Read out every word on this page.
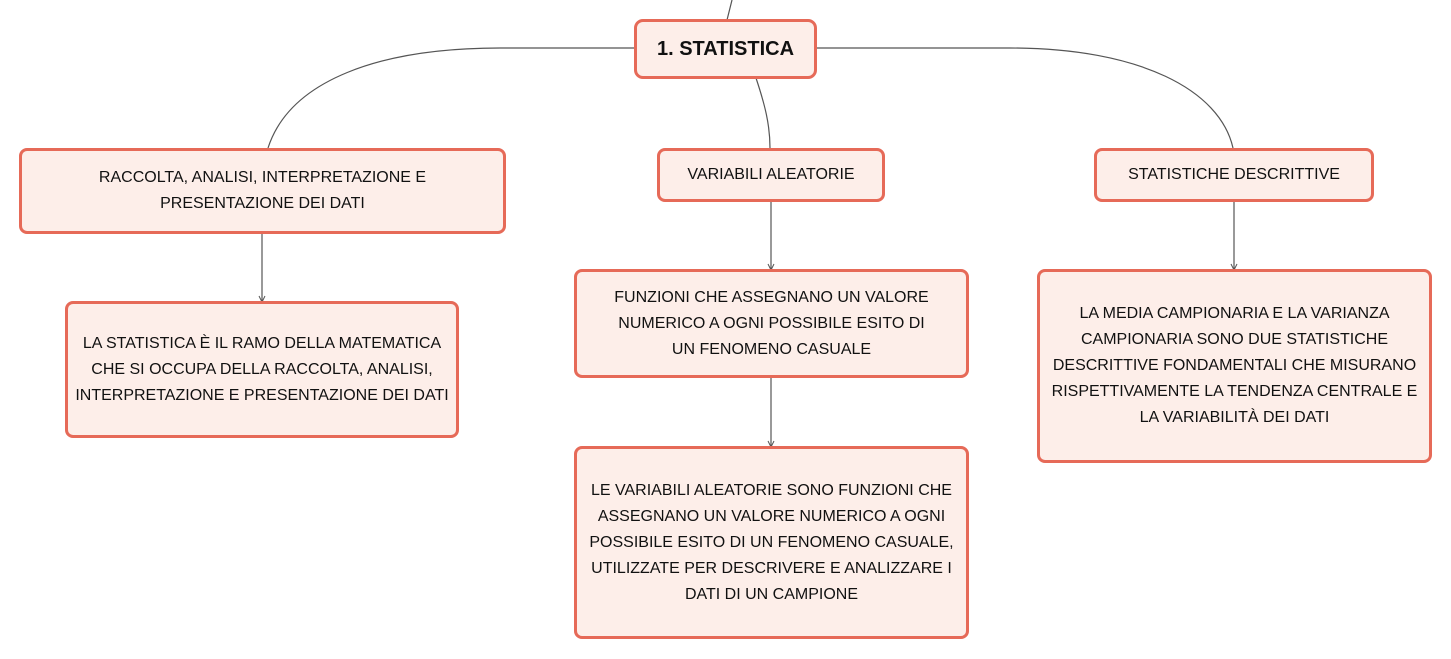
1. STATISTICA
RACCOLTA, ANALISI, INTERPRETAZIONE E PRESENTAZIONE DEI DATI
VARIABILI ALEATORIE	STATISTICHE DESCRITTIVE
LA STATISTICA È IL RAMO DELLA MATEMATICA CHE SI OCCUPA DELLA RACCOLTA, ANALISI, INTERPRETAZIONE E PRESENTAZIONE DEI DATI
FUNZIONI CHE ASSEGNANO UN VALORE NUMERICO A OGNI POSSIBILE ESITO DI UN FENOMENO CASUALE
LE VARIABILI ALEATORIE SONO FUNZIONI CHE ASSEGNANO UN VALORE NUMERICO A OGNI POSSIBILE ESITO DI UN FENOMENO CASUALE, UTILIZZATE PER DESCRIVERE E ANALIZZARE I DATI DI UN CAMPIONE
LA MEDIA CAMPIONARIA E LA VARIANZA CAMPIONARIA SONO DUE STATISTICHE DESCRITTIVE FONDAMENTALI CHE MISURANO RISPETTIVAMENTE LA TENDENZA CENTRALE E LA VARIABILITÀ DEI DATI
